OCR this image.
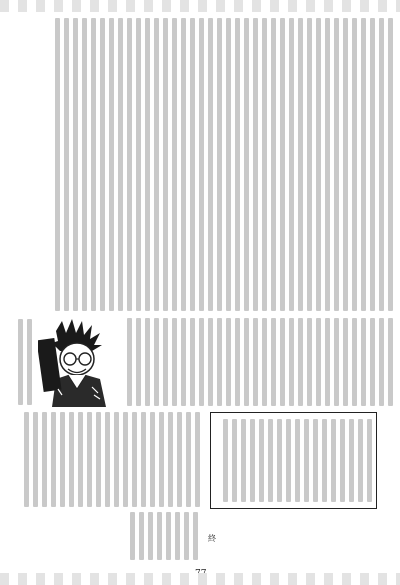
終
